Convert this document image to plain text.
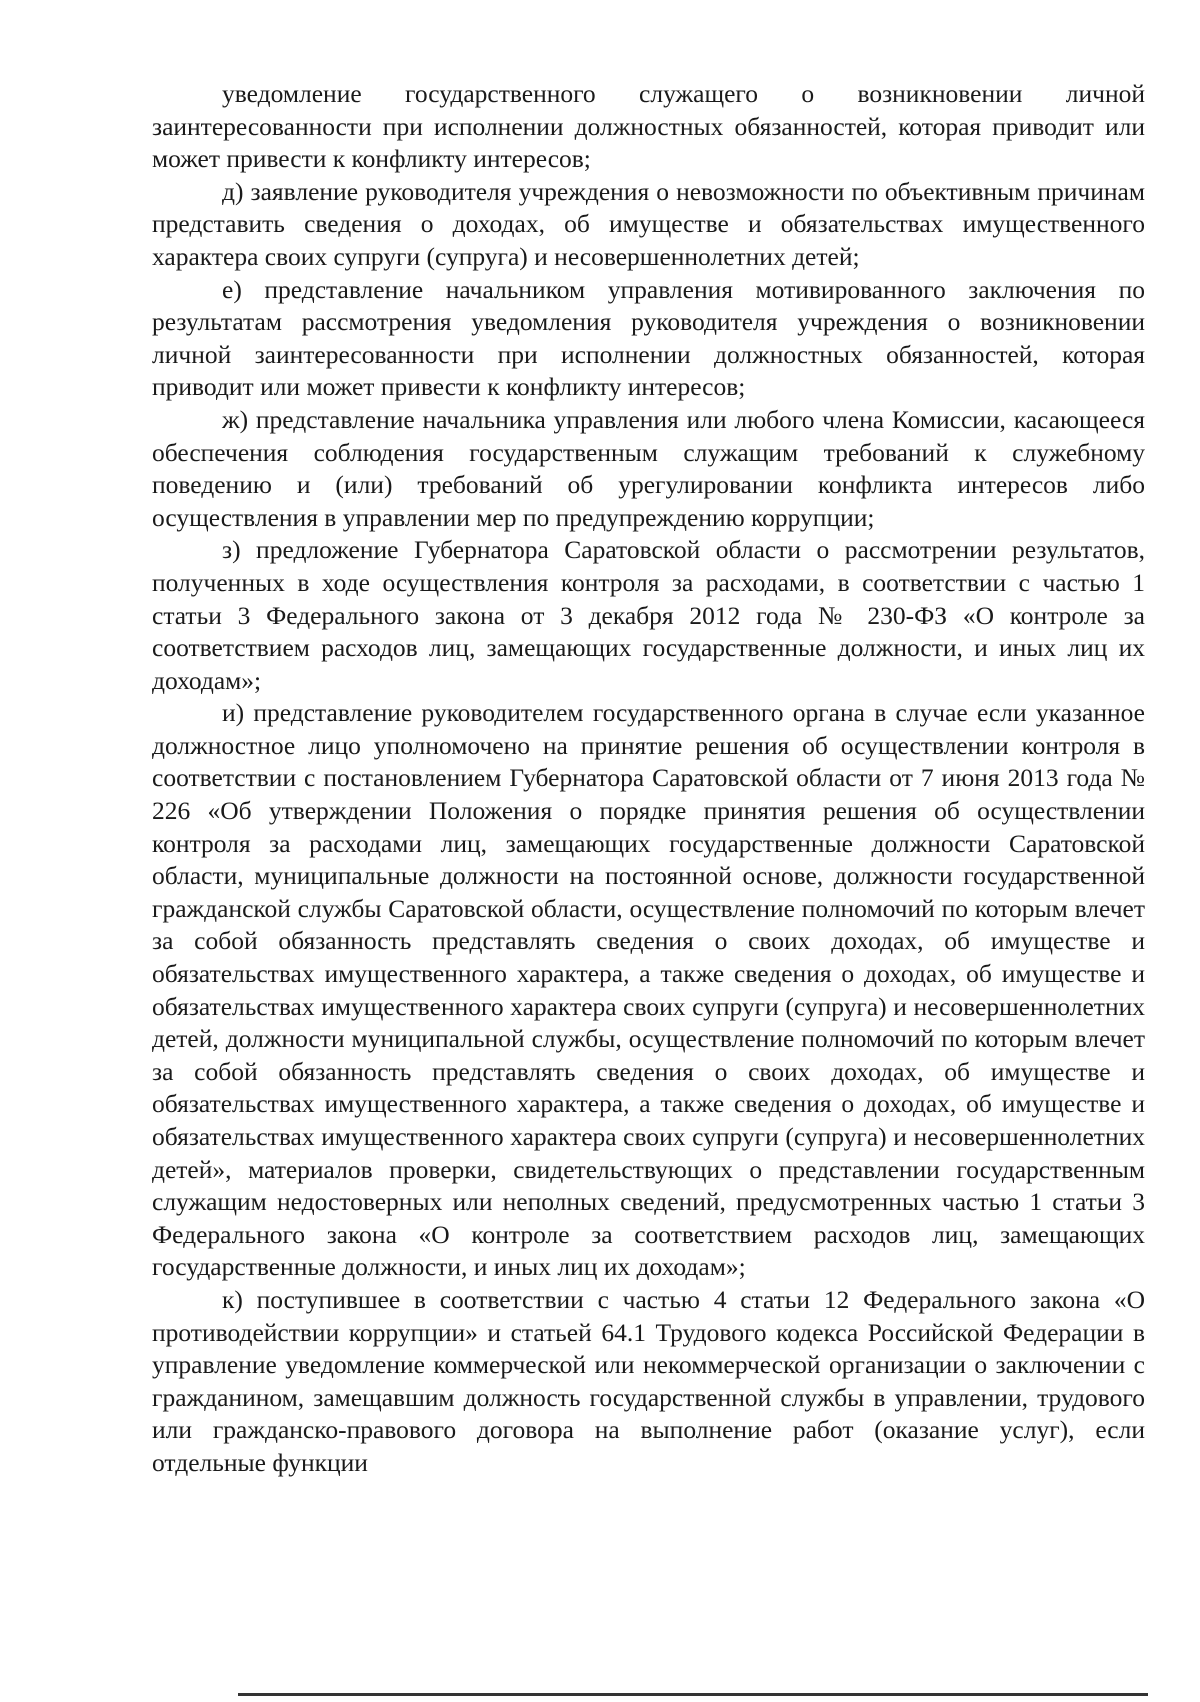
уведомление государственного служащего о возникновении личной заинтересованности при исполнении должностных обязанностей, которая приводит или может привести к конфликту интересов;

д) заявление руководителя учреждения о невозможности по объективным причинам представить сведения о доходах, об имуществе и обязательствах имущественного характера своих супруги (супруга) и несовершеннолетних детей;

е) представление начальником управления мотивированного заключения по результатам рассмотрения уведомления руководителя учреждения о возникновении личной заинтересованности при исполнении должностных обязанностей, которая приводит или может привести к конфликту интересов;

ж) представление начальника управления или любого члена Комиссии, касающееся обеспечения соблюдения государственным служащим требований к служебному поведению и (или) требований об урегулировании конфликта интересов либо осуществления в управлении мер по предупреждению коррупции;

з) предложение Губернатора Саратовской области о рассмотрении результатов, полученных в ходе осуществления контроля за расходами, в соответствии с частью 1 статьи 3 Федерального закона от 3 декабря 2012 года № 230-ФЗ «О контроле за соответствием расходов лиц, замещающих государственные должности, и иных лиц их доходам»;

и) представление руководителем государственного органа в случае если указанное должностное лицо уполномочено на принятие решения об осуществлении контроля в соответствии с постановлением Губернатора Саратовской области от 7 июня 2013 года № 226 «Об утверждении Положения о порядке принятия решения об осуществлении контроля за расходами лиц, замещающих государственные должности Саратовской области, муниципальные должности на постоянной основе, должности государственной гражданской службы Саратовской области, осуществление полномочий по которым влечет за собой обязанность представлять сведения о своих доходах, об имуществе и обязательствах имущественного характера, а также сведения о доходах, об имуществе и обязательствах имущественного характера своих супруги (супруга) и несовершеннолетних детей, должности муниципальной службы, осуществление полномочий по которым влечет за собой обязанность представлять сведения о своих доходах, об имуществе и обязательствах имущественного характера, а также сведения о доходах, об имуществе и обязательствах имущественного характера своих супруги (супруга) и несовершеннолетних детей», материалов проверки, свидетельствующих о представлении государственным служащим недостоверных или неполных сведений, предусмотренных частью 1 статьи 3 Федерального закона «О контроле за соответствием расходов лиц, замещающих государственные должности, и иных лиц их доходам»;

к) поступившее в соответствии с частью 4 статьи 12 Федерального закона «О противодействии коррупции» и статьей 64.1 Трудового кодекса Российской Федерации в управление уведомление коммерческой или некоммерческой организации о заключении с гражданином, замещавшим должность государственной службы в управлении, трудового или гражданско-правового договора на выполнение работ (оказание услуг), если отдельные функции
